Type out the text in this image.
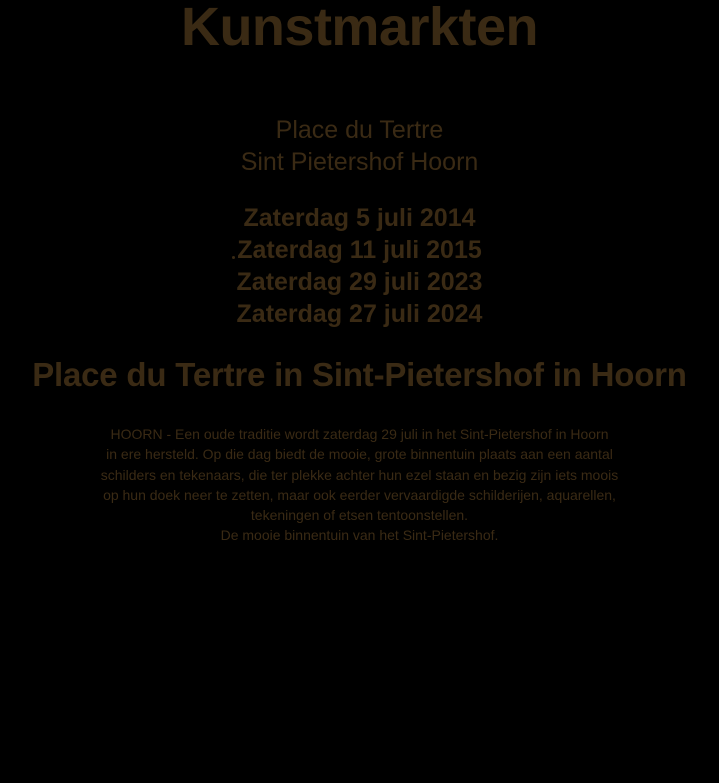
Kunstmarkten
Place du Tertre
Sint Pietershof Hoorn
Zaterdag 5 juli 2014
Zaterdag 11 juli 2015
Zaterdag 29 juli 2023
Zaterdag 27 juli 2024
Place du Tertre in Sint-Pietershof in Hoorn
HOORN - Een oude traditie wordt zaterdag 29 juli in het Sint-Pietershof in Hoorn
in ere hersteld. Op die dag biedt de mooie, grote binnentuin plaats aan een aantal
schilders en tekenaars, die ter plekke achter hun ezel staan en bezig zijn iets moois
op hun doek neer te zetten, maar ook eerder vervaardigde schilderijen, aquarellen,
tekeningen of etsen tentoonstellen.
De mooie binnentuin van het Sint-Pietershof.
